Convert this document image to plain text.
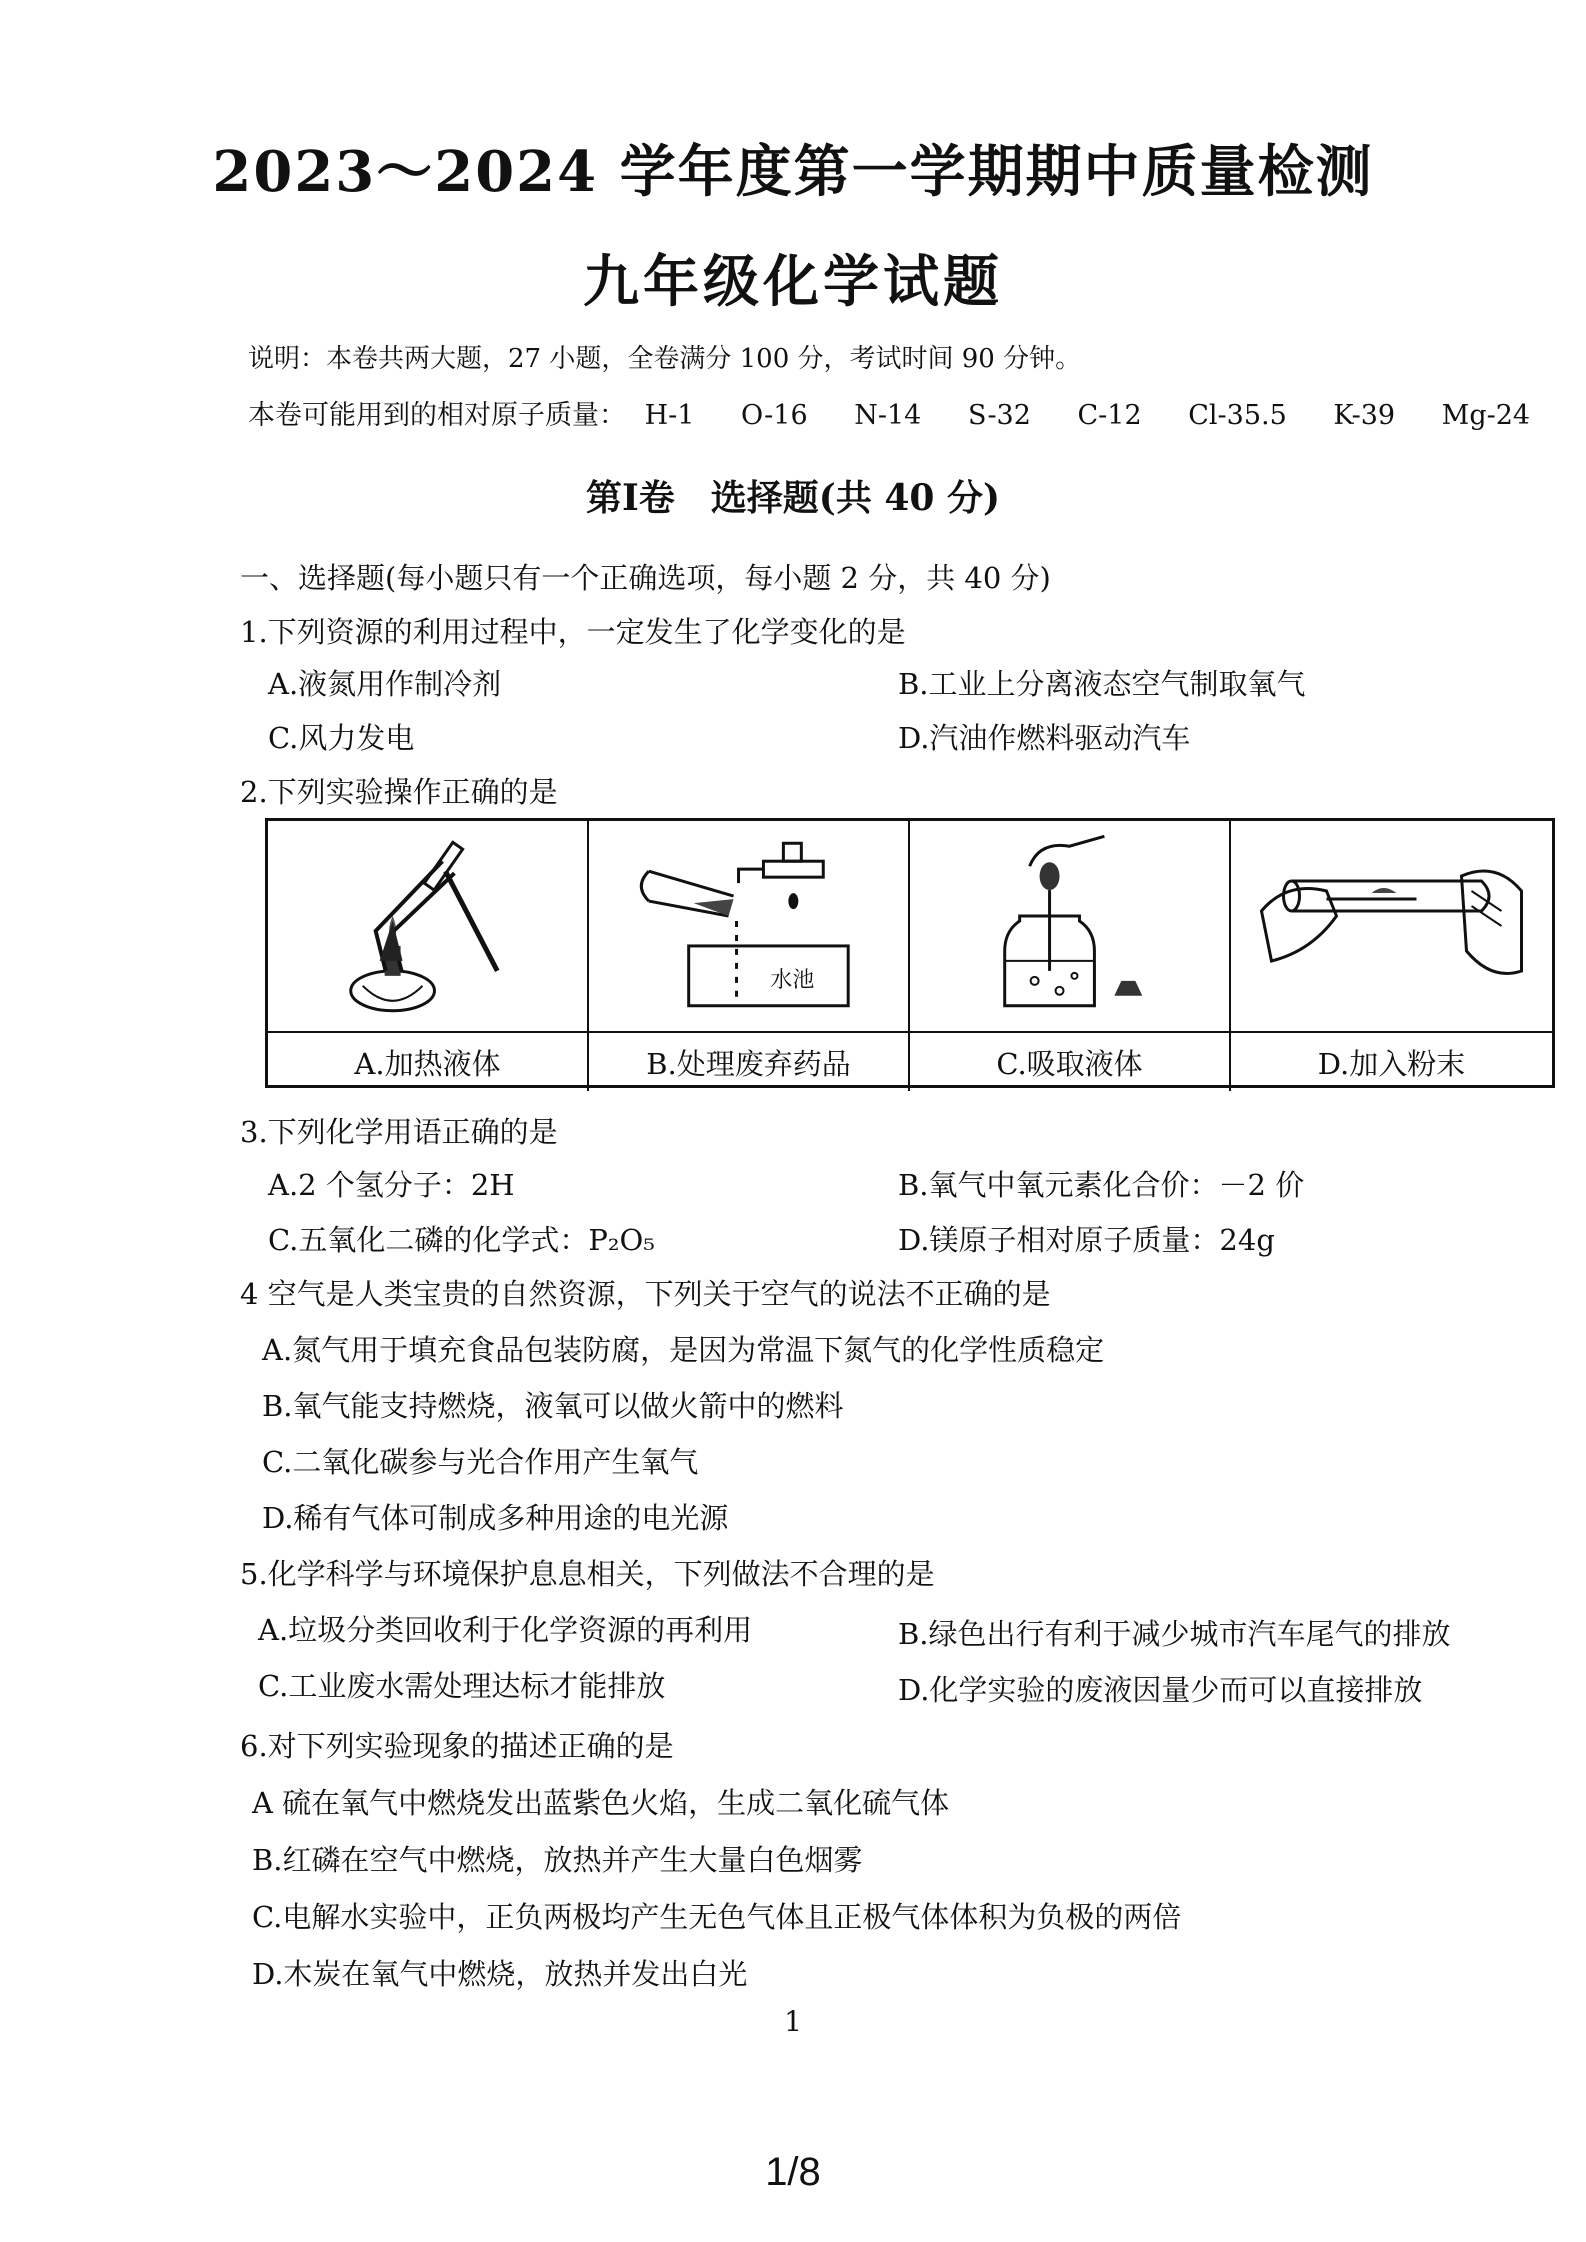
2023～2024 学年度第一学期期中质量检测
九年级化学试题
说明：本卷共两大题，27 小题，全卷满分 100 分，考试时间 90 分钟。
本卷可能用到的相对原子质量： H-1 O-16 N-14 S-32 C-12 Cl-35.5 K-39 Mg-24
第Ⅰ卷　选择题(共 40 分)
一、选择题(每小题只有一个正确选项，每小题 2 分，共 40 分)
1.下列资源的利用过程中，一定发生了化学变化的是
A.液氮用作制冷剂	B.工业上分离液态空气制取氧气
C.风力发电	D.汽油作燃料驱动汽车
2.下列实验操作正确的是
水池
A.加热液体	B.处理废弃药品	C.吸取液体	D.加入粉末
3.下列化学用语正确的是
A.2 个氢分子：2H	B.氧气中氧元素化合价：－2 价
C.五氧化二磷的化学式：P₂O₅	D.镁原子相对原子质量：24g
4 空气是人类宝贵的自然资源，下列关于空气的说法不正确的是
A.氮气用于填充食品包装防腐，是因为常温下氮气的化学性质稳定
B.氧气能支持燃烧，液氧可以做火箭中的燃料
C.二氧化碳参与光合作用产生氧气
D.稀有气体可制成多种用途的电光源
5.化学科学与环境保护息息相关，下列做法不合理的是
A.垃圾分类回收利于化学资源的再利用	B.绿色出行有利于减少城市汽车尾气的排放
C.工业废水需处理达标才能排放	D.化学实验的废液因量少而可以直接排放
6.对下列实验现象的描述正确的是
A 硫在氧气中燃烧发出蓝紫色火焰，生成二氧化硫气体
B.红磷在空气中燃烧，放热并产生大量白色烟雾
C.电解水实验中，正负两极均产生无色气体且正极气体体积为负极的两倍
D.木炭在氧气中燃烧，放热并发出白光
1
1/8
